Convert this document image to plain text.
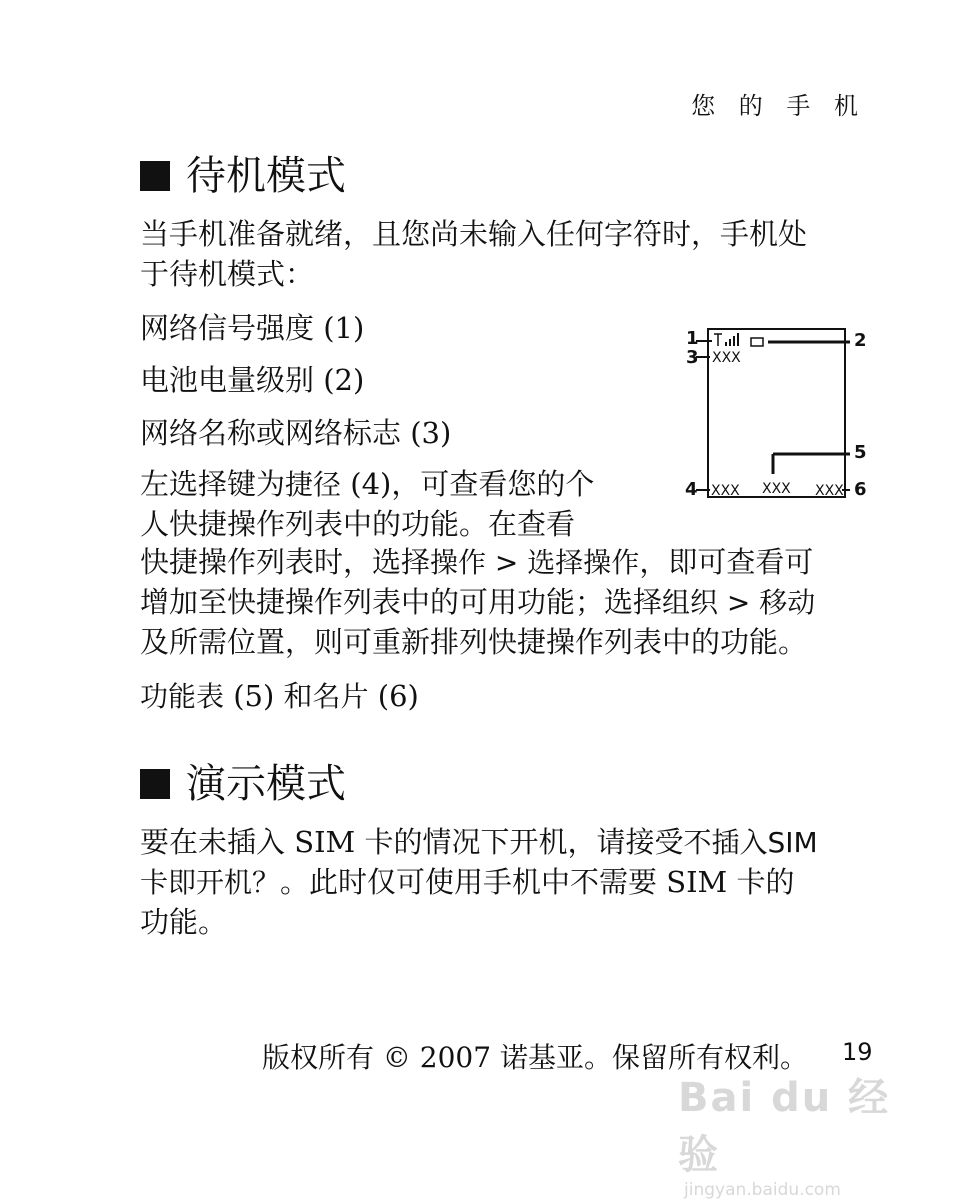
您 的 手 机
待机模式
当手机准备就绪，且您尚未输入任何字符时，手机处
于待机模式：
网络信号强度 (1)
电池电量级别 (2)
网络名称或网络标志 (3)
左选择键为捷径 (4)，可查看您的个
人快捷操作列表中的功能。在查看
快捷操作列表时，选择操作 > 选择操作，即可查看可
增加至快捷操作列表中的可用功能；选择组织 > 移动
及所需位置，则可重新排列快捷操作列表中的功能。
功能表 (5) 和名片 (6)
1	2
3
5
4	6
XXX
XXX XXX XXX
演示模式
要在未插入 SIM 卡的情况下开机，请接受不插入SIM
卡即开机？。此时仅可使用手机中不需要 SIM 卡的
功能。
版权所有 © 2007 诺基亚。保留所有权利。 19
Bai du 经验
jingyan.baidu.com
